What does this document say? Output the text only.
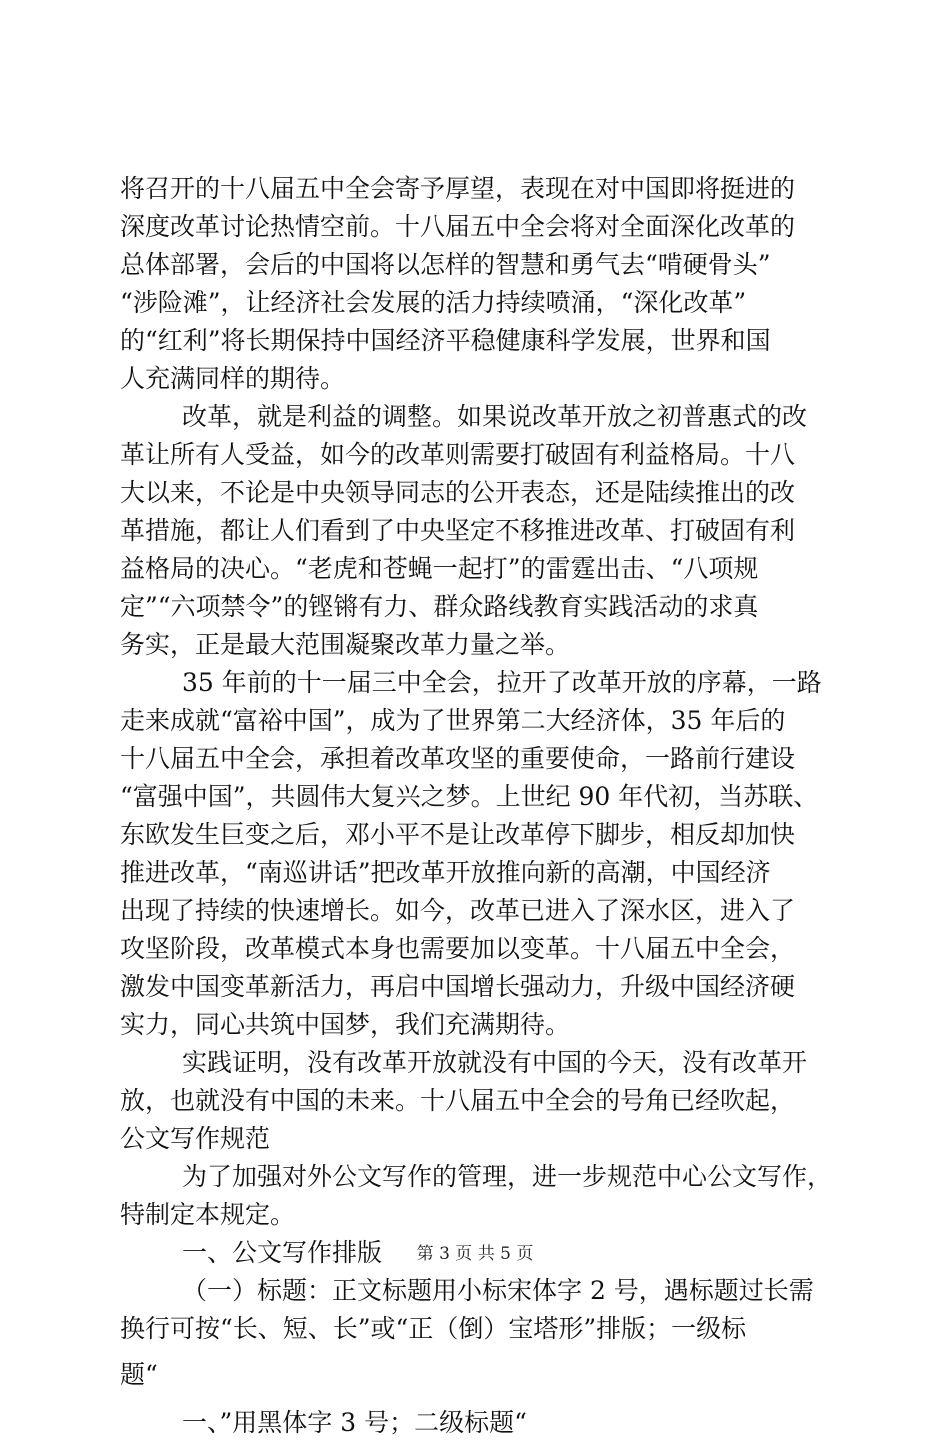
将召开的十八届五中全会寄予厚望，表现在对中国即将挺进的
深度改革讨论热情空前。十八届五中全会将对全面深化改革的
总体部署，会后的中国将以怎样的智慧和勇气去“啃硬骨头”
“涉险滩”，让经济社会发展的活力持续喷涌，“深化改革”
的“红利”将长期保持中国经济平稳健康科学发展，世界和国
人充满同样的期待。
改革，就是利益的调整。如果说改革开放之初普惠式的改
革让所有人受益，如今的改革则需要打破固有利益格局。十八
大以来，不论是中央领导同志的公开表态，还是陆续推出的改
革措施，都让人们看到了中央坚定不移推进改革、打破固有利
益格局的决心。“老虎和苍蝇一起打”的雷霆出击、“八项规
定”“六项禁令”的铿锵有力、群众路线教育实践活动的求真
务实，正是最大范围凝聚改革力量之举。
35 年前的十一届三中全会，拉开了改革开放的序幕，一路
走来成就“富裕中国”，成为了世界第二大经济体，35 年后的
十八届五中全会，承担着改革攻坚的重要使命，一路前行建设
“富强中国”，共圆伟大复兴之梦。上世纪 90 年代初，当苏联、
东欧发生巨变之后，邓小平不是让改革停下脚步，相反却加快
推进改革，“南巡讲话”把改革开放推向新的高潮，中国经济
出现了持续的快速增长。如今，改革已进入了深水区，进入了
攻坚阶段，改革模式本身也需要加以变革。十八届五中全会，
激发中国变革新活力，再启中国增长强动力，升级中国经济硬
实力，同心共筑中国梦，我们充满期待。
实践证明，没有改革开放就没有中国的今天，没有改革开
放，也就没有中国的未来。十八届五中全会的号角已经吹起，
公文写作规范
为了加强对外公文写作的管理，进一步规范中心公文写作，
特制定本规定。
一、公文写作排版
（一）标题：正文标题用小标宋体字 2 号，遇标题过长需
换行可按“长、短、长”或“正（倒）宝塔形”排版；一级标
题“
一、”用黑体字 3 号；二级标题“
第 3 页 共 5 页
